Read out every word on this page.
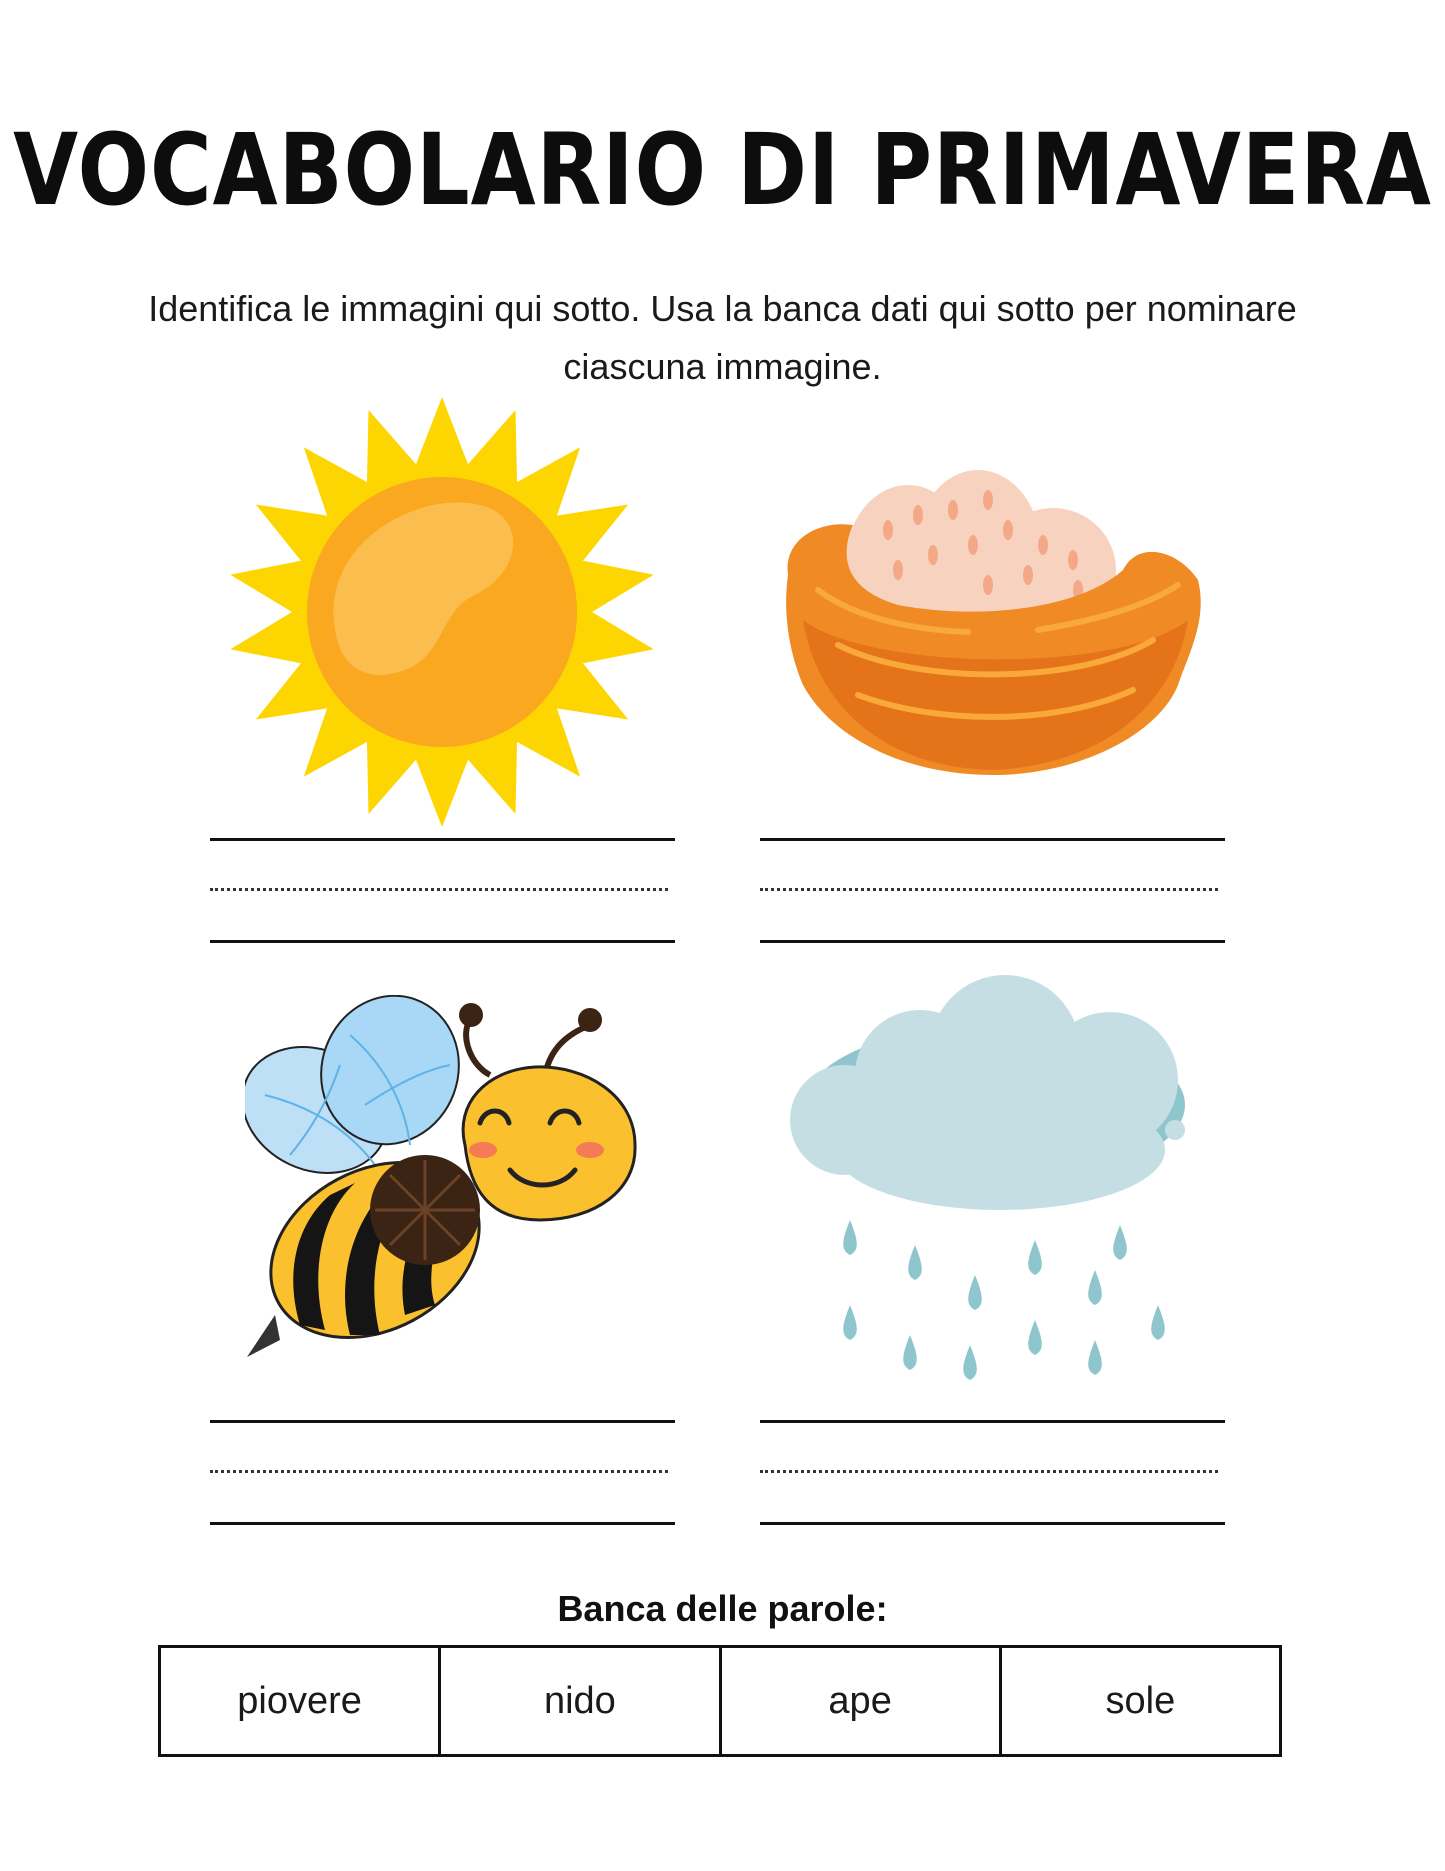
VOCABOLARIO DI PRIMAVERA
Identifica le immagini qui sotto. Usa la banca dati qui sotto per nominare ciascuna immagine.
Banca delle parole:
piovere	nido	ape	sole
